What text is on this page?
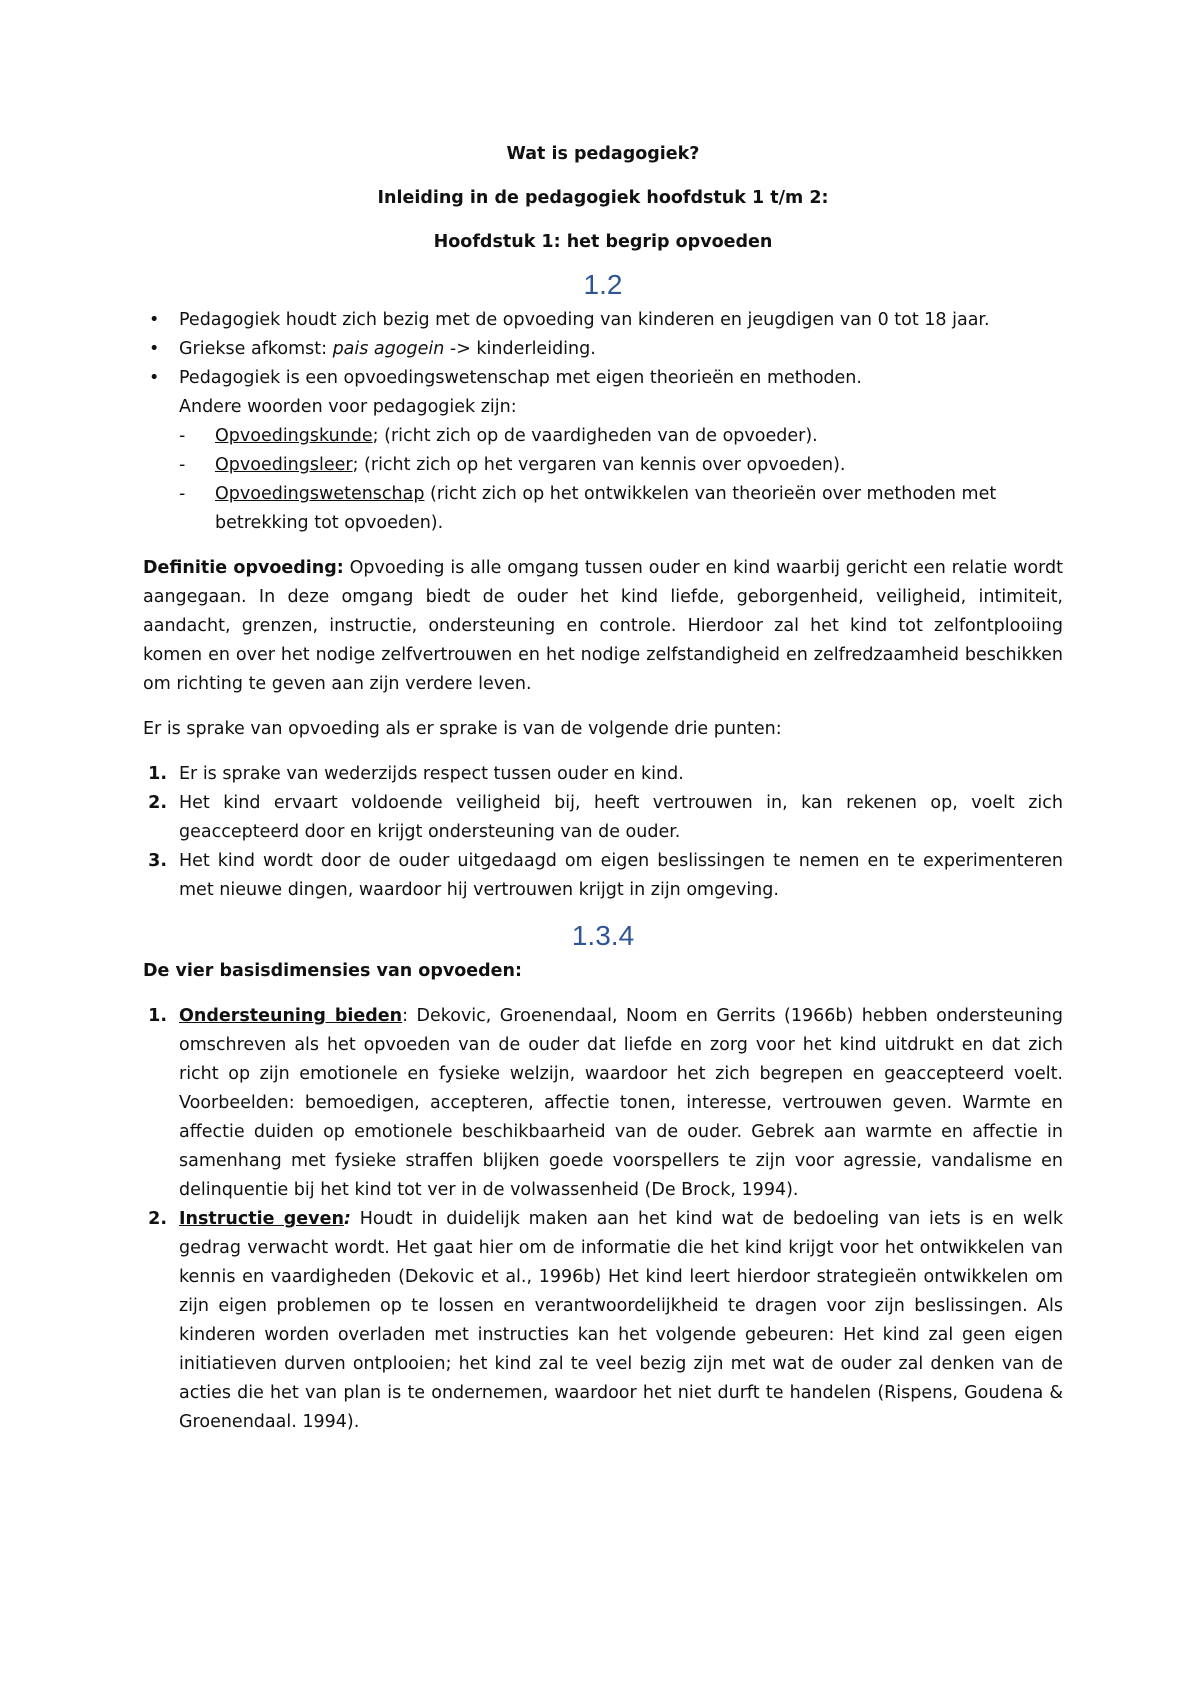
Wat is pedagogiek?

Inleiding in de pedagogiek hoofdstuk 1 t/m 2:

Hoofdstuk 1: het begrip opvoeden

1.2
• Pedagogiek houdt zich bezig met de opvoeding van kinderen en jeugdigen van 0 tot 18 jaar.
• Griekse afkomst: pais agogein -> kinderleiding.
• Pedagogiek is een opvoedingswetenschap met eigen theorieën en methoden.

Andere woorden voor pedagogiek zijn:

- Opvoedingskunde; (richt zich op de vaardigheden van de opvoeder).
- Opvoedingsleer; (richt zich op het vergaren van kennis over opvoeden).
- Opvoedingswetenschap (richt zich op het ontwikkelen van theorieën over methoden met betrekking tot opvoeden).

Definitie opvoeding: Opvoeding is alle omgang tussen ouder en kind waarbij gericht een relatie wordt aangegaan. In deze omgang biedt de ouder het kind liefde, geborgenheid, veiligheid, intimiteit, aandacht, grenzen, instructie, ondersteuning en controle. Hierdoor zal het kind tot zelfontplooiing komen en over het nodige zelfvertrouwen en het nodige zelfstandigheid en zelfredzaamheid beschikken om richting te geven aan zijn verdere leven.

Er is sprake van opvoeding als er sprake is van de volgende drie punten:

1. Er is sprake van wederzijds respect tussen ouder en kind.
2. Het kind ervaart voldoende veiligheid bij, heeft vertrouwen in, kan rekenen op, voelt zich geaccepteerd door en krijgt ondersteuning van de ouder.
3. Het kind wordt door de ouder uitgedaagd om eigen beslissingen te nemen en te experimenteren met nieuwe dingen, waardoor hij vertrouwen krijgt in zijn omgeving.
1.3.4

De vier basisdimensies van opvoeden:

1. Ondersteuning bieden: Dekovic, Groenendaal, Noom en Gerrits (1966b) hebben ondersteuning omschreven als het opvoeden van de ouder dat liefde en zorg voor het kind uitdrukt en dat zich richt op zijn emotionele en fysieke welzijn, waardoor het zich begrepen en geaccepteerd voelt. Voorbeelden: bemoedigen, accepteren, affectie tonen, interesse, vertrouwen geven. Warmte en affectie duiden op emotionele beschikbaarheid van de ouder. Gebrek aan warmte en affectie in samenhang met fysieke straffen blijken goede voorspellers te zijn voor agressie, vandalisme en delinquentie bij het kind tot ver in de volwassenheid (De Brock, 1994).
2. Instructie geven: Houdt in duidelijk maken aan het kind wat de bedoeling van iets is en welk gedrag verwacht wordt. Het gaat hier om de informatie die het kind krijgt voor het ontwikkelen van kennis en vaardigheden (Dekovic et al., 1996b) Het kind leert hierdoor strategieën ontwikkelen om zijn eigen problemen op te lossen en verantwoordelijkheid te dragen voor zijn beslissingen. Als kinderen worden overladen met instructies kan het volgende gebeuren: Het kind zal geen eigen initiatieven durven ontplooien; het kind zal te veel bezig zijn met wat de ouder zal denken van de acties die het van plan is te ondernemen, waardoor het niet durft te handelen (Rispens, Goudena & Groenendaal. 1994).
